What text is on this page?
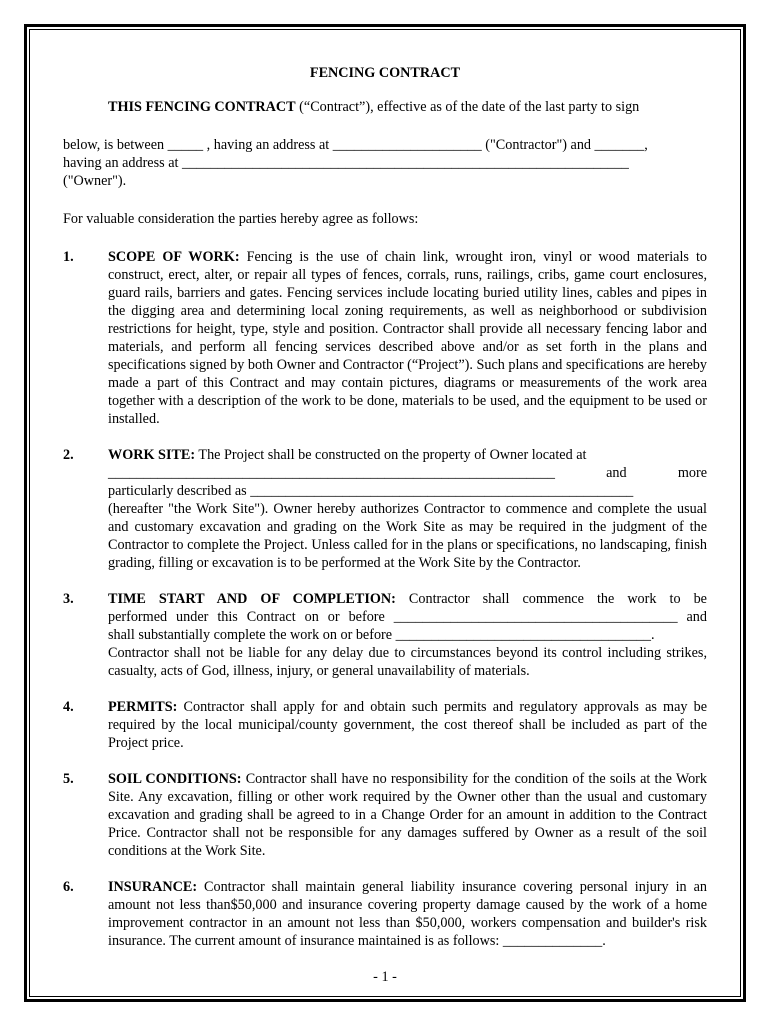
FENCING CONTRACT

THIS FENCING CONTRACT (“Contract”), effective as of the date of the last party to sign

below, is between _____ , having an address at _____________________ ("Contractor") and _______,

having an address at _______________________________________________________________

("Owner").

For valuable consideration the parties hereby agree as follows:

1. SCOPE OF WORK: Fencing is the use of chain link, wrought iron, vinyl or wood materials to construct, erect, alter, or repair all types of fences, corrals, runs, railings, cribs, game court enclosures, guard rails, barriers and gates. Fencing services include locating buried utility lines, cables and pipes in the digging area and determining local zoning requirements, as well as neighborhood or subdivision restrictions for height, type, style and position. Contractor shall provide all necessary fencing labor and materials, and perform all fencing services described above and/or as set forth in the plans and specifications signed by both Owner and Contractor (“Project”). Such plans and specifications are hereby made a part of this Contract and may contain pictures, diagrams or measurements of the work area together with a description of the work to be done, materials to be used, and the equipment to be used or installed.
2. WORK SITE: The Project shall be constructed on the property of Owner located at
_______________________________________________________________ and more
particularly described as ______________________________________________________
(hereafter "the Work Site"). Owner hereby authorizes Contractor to commence and complete the usual and customary excavation and grading on the Work Site as may be required in the judgment of the Contractor to complete the Project. Unless called for in the plans or specifications, no landscaping, finish grading, filling or excavation is to be performed at the Work Site by the Contractor.
3. TIME START AND OF COMPLETION: Contractor shall commence the work to be
performed under this Contract on or before ________________________________________ and
shall substantially complete the work on or before ____________________________________.
Contractor shall not be liable for any delay due to circumstances beyond its control including strikes, casualty, acts of God, illness, injury, or general unavailability of materials.
4. PERMITS: Contractor shall apply for and obtain such permits and regulatory approvals as may be required by the local municipal/county government, the cost thereof shall be included as part of the Project price.
5. SOIL CONDITIONS: Contractor shall have no responsibility for the condition of the soils at the Work Site. Any excavation, filling or other work required by the Owner other than the usual and customary excavation and grading shall be agreed to in a Change Order for an amount in addition to the Contract Price. Contractor shall not be responsible for any damages suffered by Owner as a result of the soil conditions at the Work Site.
6. INSURANCE: Contractor shall maintain general liability insurance covering personal injury in an amount not less than$50,000 and insurance covering property damage caused by the work of a home improvement contractor in an amount not less than $50,000, workers compensation and builder's risk insurance. The current amount of insurance maintained is as follows: ______________.
- 1 -
